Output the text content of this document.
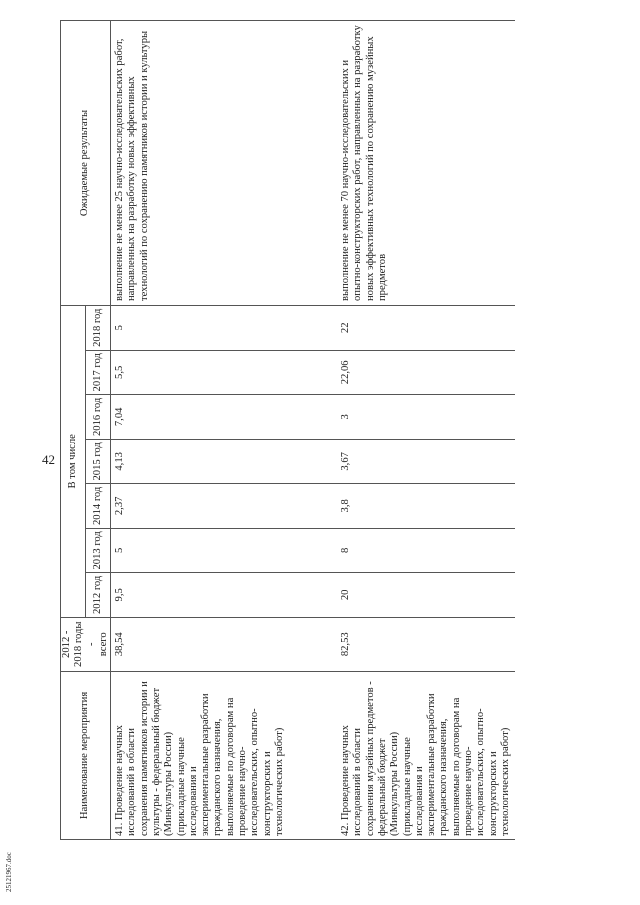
42
25121967.doc
Наименование мероприятия	2012 -
2018 годы -
всего	В том числе							Ожидаемые результаты
		2012 год	2013 год	2014 год	2015 год	2016 год	2017 год	2018 год	
41. Проведение научных исследований в области сохранения памятников истории и культуры - федеральный бюджет (Минкультуры России) (прикладные научные исследования и экспериментальные разработки гражданского назначения, выполняемые по договорам на проведение научно-исследовательских, опытно-конструкторских и технологических работ)	38,54	9,5	5	2,37	4,13	7,04	5,5	5	выполнение не менее 25 научно-исследовательских работ, направленных на разработку новых эффективных технологий по сохранению памятников истории и культуры
42. Проведение научных исследований в области сохранения музейных предметов - федеральный бюджет (Минкультуры России) (прикладные научные исследования и экспериментальные разработки гражданского назначения, выполняемые по договорам на проведение научно-исследовательских, опытно-конструкторских и технологических работ)	82,53	20	8	3,8	3,67	3	22,06	22	выполнение не менее 70 научно-исследовательских и опытно-конструкторских работ, направленных на разработку новых эффективных технологий по сохранению музейных предметов
